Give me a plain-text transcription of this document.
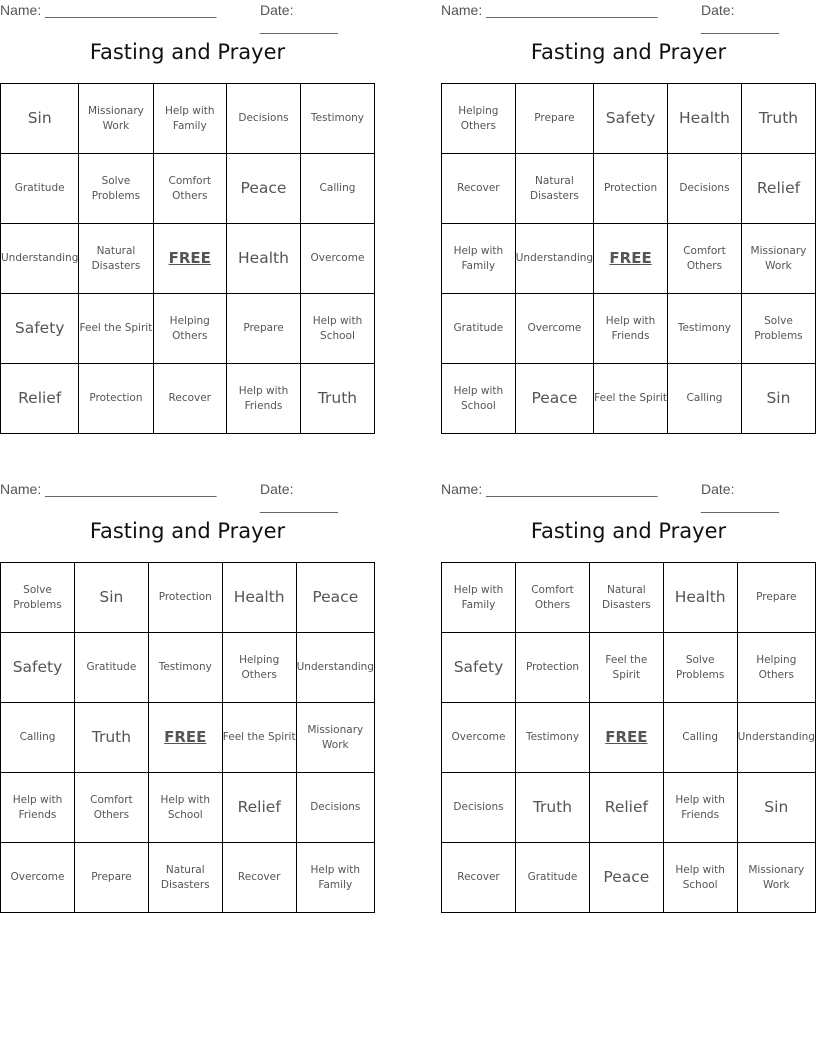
Name: ______________________	Date: __________
Fasting and Prayer
Sin	Missionary Work	Help with Family	Decisions	Testimony
Gratitude	Solve Problems	Comfort Others	Peace	Calling
Understanding	Natural Disasters	FREE	Health	Overcome
Safety	Feel the Spirit	Helping Others	Prepare	Help with School
Relief	Protection	Recover	Help with Friends	Truth
Name: ______________________	Date: __________
Fasting and Prayer
Helping Others	Prepare	Safety	Health	Truth
Recover	Natural Disasters	Protection	Decisions	Relief
Help with Family	Understanding	FREE	Comfort Others	Missionary Work
Gratitude	Overcome	Help with Friends	Testimony	Solve Problems
Help with School	Peace	Feel the Spirit	Calling	Sin
Name: ______________________	Date: __________
Fasting and Prayer
Solve Problems	Sin	Protection	Health	Peace
Safety	Gratitude	Testimony	Helping Others	Understanding
Calling	Truth	FREE	Feel the Spirit	Missionary Work
Help with Friends	Comfort Others	Help with School	Relief	Decisions
Overcome	Prepare	Natural Disasters	Recover	Help with Family
Name: ______________________	Date: __________
Fasting and Prayer
Help with Family	Comfort Others	Natural Disasters	Health	Prepare
Safety	Protection	Feel the Spirit	Solve Problems	Helping Others
Overcome	Testimony	FREE	Calling	Understanding
Decisions	Truth	Relief	Help with Friends	Sin
Recover	Gratitude	Peace	Help with School	Missionary Work
